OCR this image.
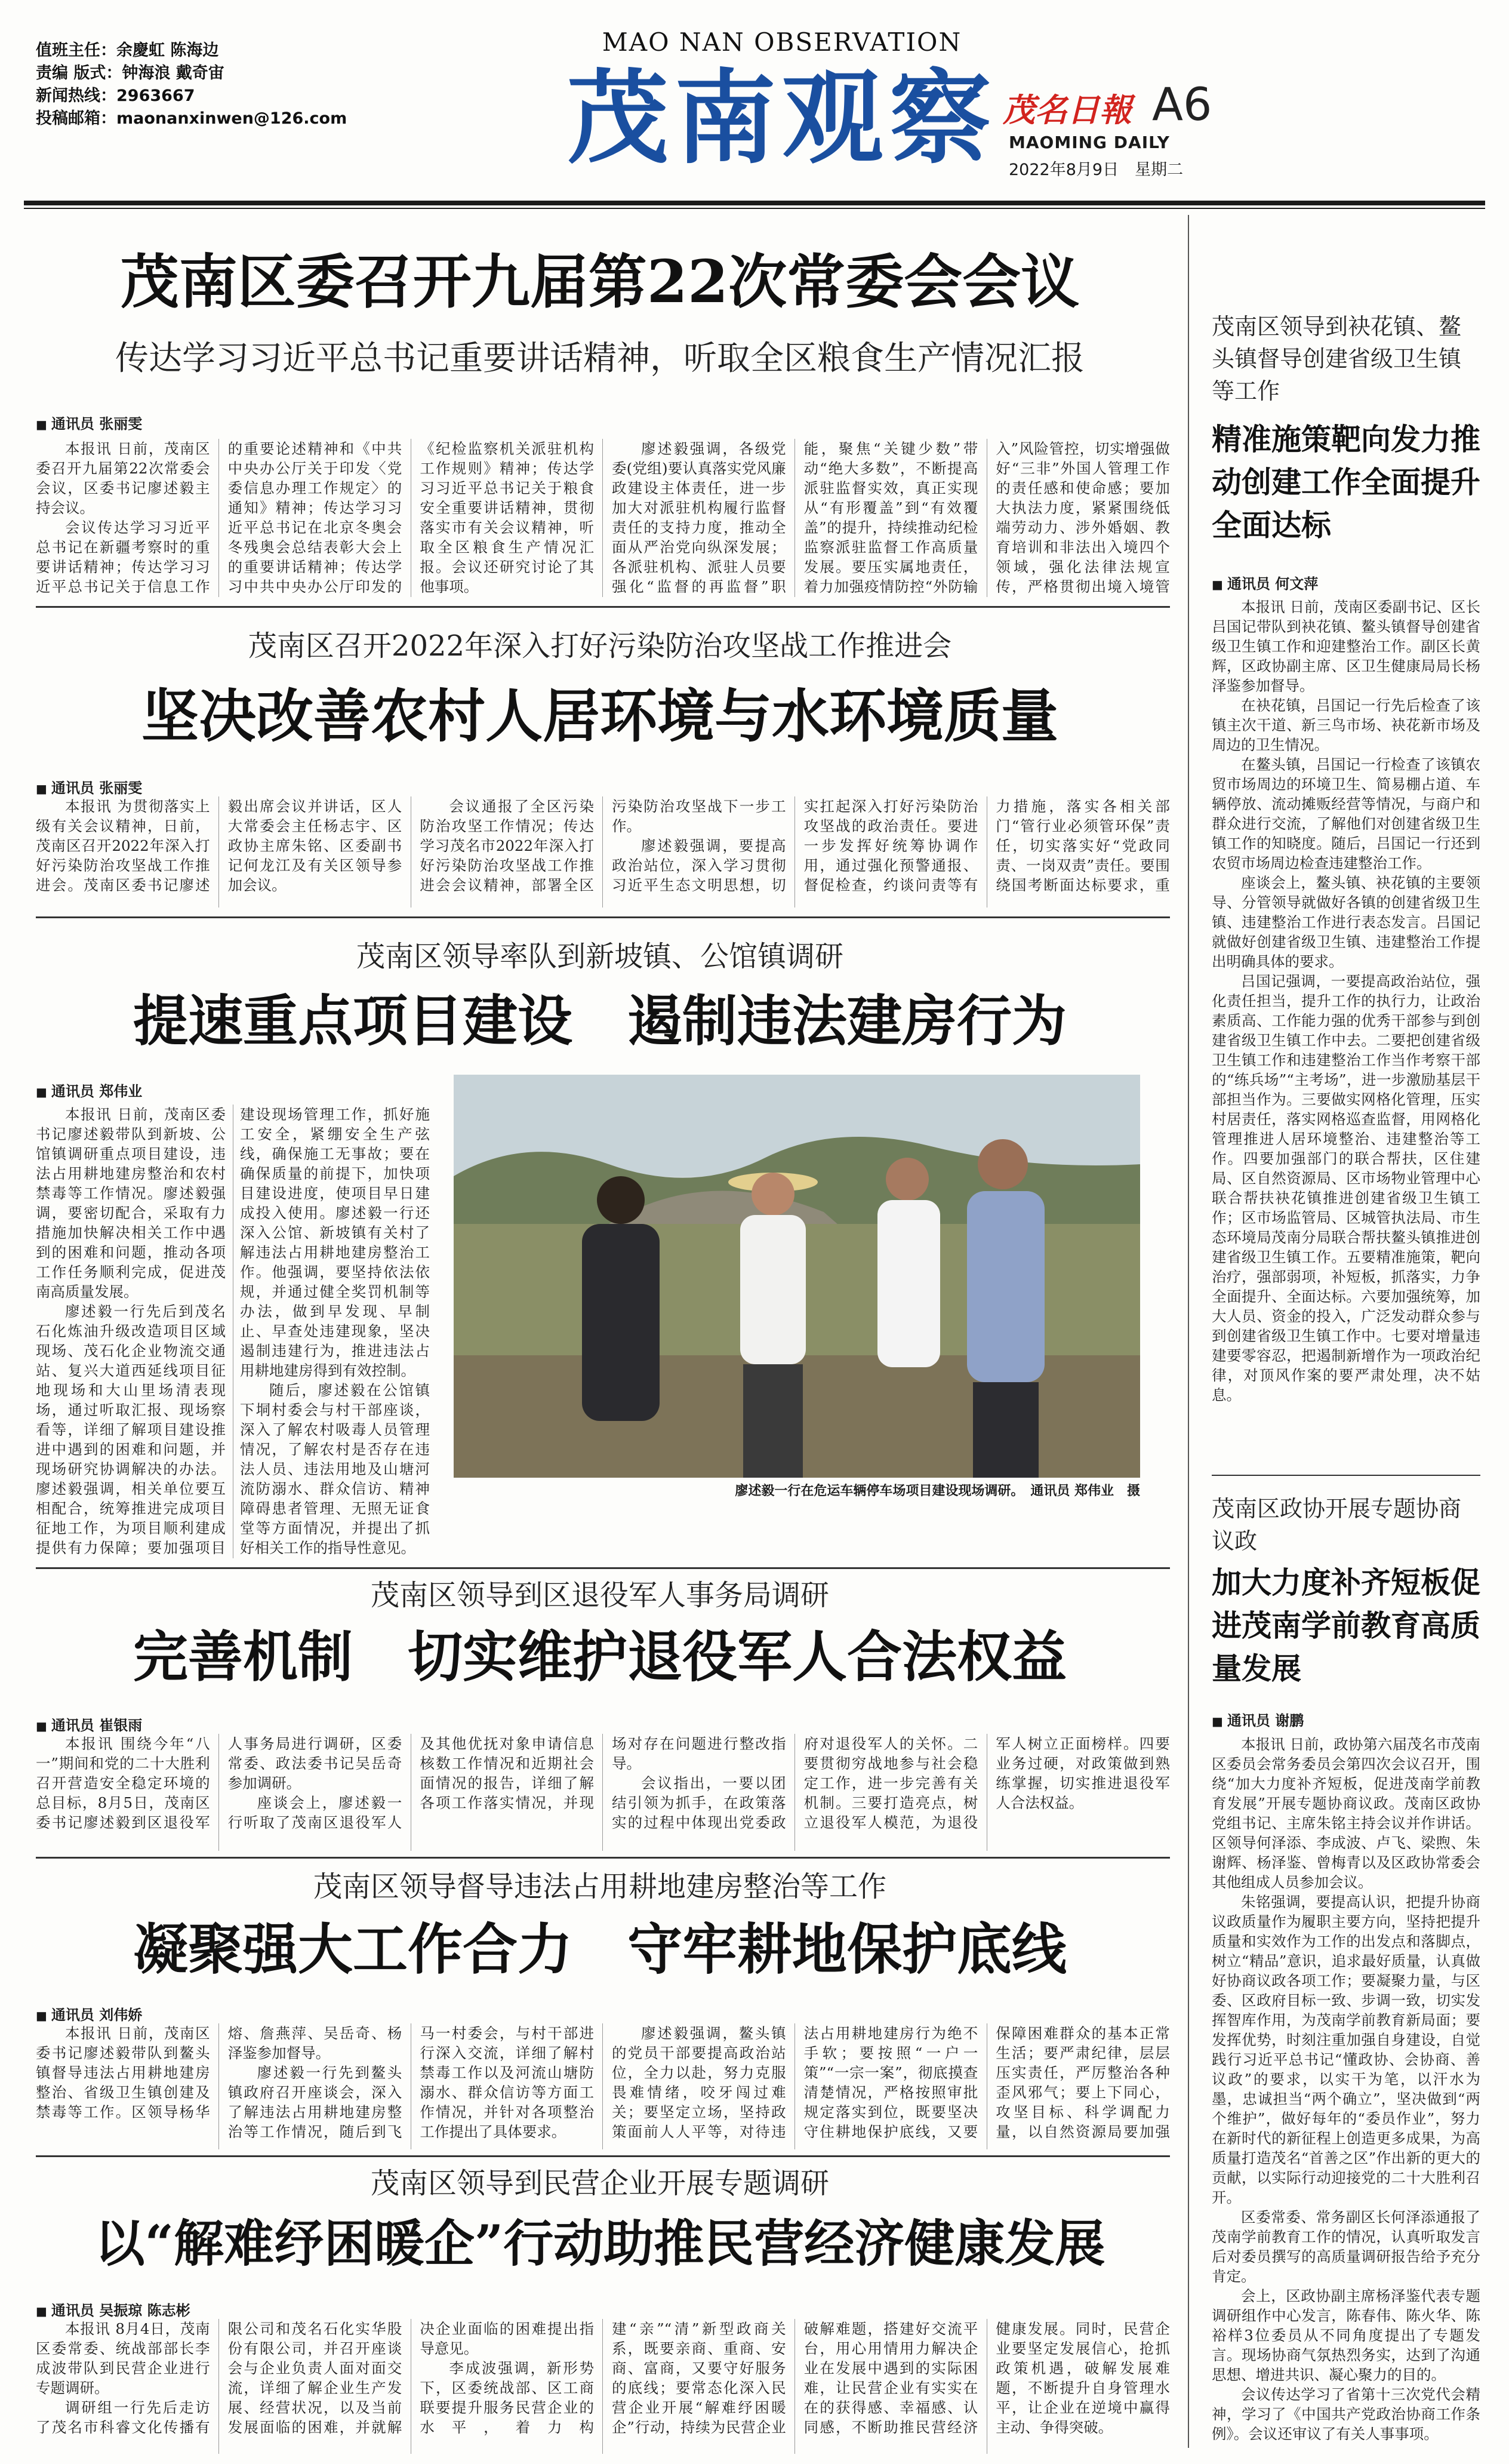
值班主任：余慶虹 陈海边
责编 版式：钟海浪 戴奇宙
新闻热线：2963667
投稿邮箱：maonanxinwen@126.com
MAO NAN OBSERVATION
茂南观察 茂名日報 A6
MAOMING DAILY
2022年8月9日　星期二
茂南区委召开九届第22次常委会会议
传达学习习近平总书记重要讲话精神，听取全区粮食生产情况汇报
■ 通讯员 张丽雯

本报讯 日前，茂南区委召开九届第22次常委会会议，区委书记廖述毅主持会议。

会议传达学习习近平总书记在新疆考察时的重要讲话精神；传达学习习近平总书记关于信息工作的重要论述精神和《中共中央办公厅关于印发〈党委信息办理工作规定〉的通知》精神；传达学习习近平总书记在北京冬奥会冬残奥会总结表彰大会上的重要讲话精神；传达学习中共中央办公厅印发的《纪检监察机关派驻机构工作规则》精神；传达学习习近平总书记关于粮食安全重要讲话精神，贯彻落实市有关会议精神，听取全区粮食生产情况汇报。会议还研究讨论了其他事项。

廖述毅强调，各级党委(党组)要认真落实党风廉政建设主体责任，进一步加大对派驻机构履行监督责任的支持力度，推动全面从严治党向纵深发展；各派驻机构、派驻人员要强化“监督的再监督”职能，聚焦“关键少数”带动“绝大多数”，不断提高派驻监督实效，真正实现从“有形覆盖”到“有效覆盖”的提升，持续推动纪检监察派驻监督工作高质量发展。要压实属地责任，着力加强疫情防控“外防输入”风险管控，切实增强做好“三非”外国人管理工作的责任感和使命感；要加大执法力度，紧紧围绕低端劳动力、涉外婚姻、教育培训和非法出入境四个领域，强化法律法规宣传，严格贯彻出境入境管

茂南区召开2022年深入打好污染防治攻坚战工作推进会
坚决改善农村人居环境与水环境质量
■ 通讯员 张丽雯

本报讯 为贯彻落实上级有关会议精神，日前，茂南区召开2022年深入打好污染防治攻坚战工作推进会。茂南区委书记廖述毅出席会议并讲话，区人大常委会主任杨志宇、区政协主席朱铭、区委副书记何龙江及有关区领导参加会议。

会议通报了全区污染防治攻坚工作情况；传达学习茂名市2022年深入打好污染防治攻坚战工作推进会会议精神，部署全区污染防治攻坚战下一步工作。

廖述毅强调，要提高政治站位，深入学习贯彻习近平生态文明思想，切实扛起深入打好污染防治攻坚战的政治责任。要进一步发挥好统筹协调作用，通过强化预警通报、督促检查，约谈问责等有力措施，落实各相关部门“管行业必须管环保”责任，切实落实好“党政同责、一岗双责”责任。要围绕国考断面达标要求，重

茂南区领导率队到新坡镇、公馆镇调研
提速重点项目建设　遏制违法建房行为
■ 通讯员 郑伟业

本报讯 日前，茂南区委书记廖述毅带队到新坡、公馆镇调研重点项目建设，违法占用耕地建房整治和农村禁毒等工作情况。廖述毅强调，要密切配合，采取有力措施加快解决相关工作中遇到的困难和问题，推动各项工作任务顺利完成，促进茂南高质量发展。

廖述毅一行先后到茂名石化炼油升级改造项目区域现场、茂石化企业物流交通站、复兴大道西延线项目征地现场和大山里场清表现场，通过听取汇报、现场察看等，详细了解项目建设推进中遇到的困难和问题，并现场研究协调解决的办法。廖述毅强调，相关单位要互相配合，统筹推进完成项目征地工作，为项目顺利建成提供有力保障；要加强项目建设现场管理工作，抓好施工安全，紧绷安全生产弦线，确保施工无事故；要在确保质量的前提下，加快项目建设进度，使项目早日建成投入使用。廖述毅一行还深入公馆、新坡镇有关村了解违法占用耕地建房整治工作。他强调，要坚持依法依规，并通过健全奖罚机制等办法，做到早发现、早制止、早查处违建现象，坚决遏制违建行为，推进违法占用耕地建房得到有效控制。

随后，廖述毅在公馆镇下垌村委会与村干部座谈，深入了解农村吸毒人员管理情况，了解农村是否存在违法人员、违法用地及山塘河流防溺水、群众信访、精神障碍患者管理、无照无证食堂等方面情况，并提出了抓好相关工作的指导性意见。

廖述毅一行在危运车辆停车场项目建设现场调研。　通讯员 郑伟业　摄
茂南区领导到区退役军人事务局调研
完善机制　切实维护退役军人合法权益
■ 通讯员 崔银雨

本报讯 围绕今年“八一”期间和党的二十大胜利召开营造安全稳定环境的总目标，8月5日，茂南区委书记廖述毅到区退役军人事务局进行调研，区委常委、政法委书记吴岳奇参加调研。

座谈会上，廖述毅一行听取了茂南区退役军人及其他优抚对象申请信息核数工作情况和近期社会面情况的报告，详细了解各项工作落实情况，并现场对存在问题进行整改指导。

会议指出，一要以团结引领为抓手，在政策落实的过程中体现出党委政府对退役军人的关怀。二要贯彻穷战地参与社会稳定工作，进一步完善有关机制。三要打造亮点，树立退役军人模范，为退役军人树立正面榜样。四要业务过硬，对政策做到熟练掌握，切实推进退役军人合法权益。

茂南区领导督导违法占用耕地建房整治等工作
凝聚强大工作合力　守牢耕地保护底线
■ 通讯员 刘伟娇

本报讯 日前，茂南区委书记廖述毅带队到鳌头镇督导违法占用耕地建房整治、省级卫生镇创建及禁毒等工作。区领导杨华熔、詹燕萍、吴岳奇、杨泽鉴参加督导。

廖述毅一行先到鳌头镇政府召开座谈会，深入了解违法占用耕地建房整治等工作情况，随后到飞马一村委会，与村干部进行深入交流，详细了解村禁毒工作以及河流山塘防溺水、群众信访等方面工作情况，并针对各项整治工作提出了具体要求。

廖述毅强调，鳌头镇的党员干部要提高政治站位，全力以赴，努力克服畏难情绪，咬牙闯过难关；要坚定立场，坚持政策面前人人平等，对待违法占用耕地建房行为绝不手软；要按照“一户一策”“一宗一案”，彻底摸查清楚情况，严格按照审批规定落实到位，既要坚决守住耕地保护底线，又要保障困难群众的基本正常生活；要严肃纪律，层层压实责任，严厉整治各种歪风邪气；要上下同心，攻坚目标、科学调配力量，以自然资源局要加强

茂南区领导到民营企业开展专题调研
以“解难纾困暖企”行动助推民营经济健康发展
■ 通讯员 吴振琼 陈志彬

本报讯 8月4日，茂南区委常委、统战部部长李成波带队到民营企业进行专题调研。

调研组一行先后走访了茂名市科睿文化传播有限公司和茂名石化实华股份有限公司，并召开座谈会与企业负责人面对面交流，详细了解企业生产发展、经营状况，以及当前发展面临的困难，并就解决企业面临的困难提出指导意见。

李成波强调，新形势下，区委统战部、区工商联要提升服务民营企业的水平，着力构建“亲”“清”新型政商关系，既要亲商、重商、安商、富商，又要守好服务的底线；要常态化深入民营企业开展“解难纾困暖企”行动，持续为民营企业破解难题，搭建好交流平台，用心用情用力解决企业在发展中遇到的实际困难，让民营企业有实实在在的获得感、幸福感、认同感，不断助推民营经济健康发展。同时，民营企业要坚定发展信心，抢抓政策机遇，破解发展难题，不断提升自身管理水平，让企业在逆境中赢得主动、争得突破。

茂南区领导到袂花镇、鳌头镇督导创建省级卫生镇等工作
精准施策靶向发力推动创建工作全面提升全面达标
■ 通讯员 何文萍

本报讯 日前，茂南区委副书记、区长吕国记带队到袂花镇、鳌头镇督导创建省级卫生镇工作和迎建整治工作。副区长黄辉，区政协副主席、区卫生健康局局长杨泽鉴参加督导。

在袂花镇，吕国记一行先后检查了该镇主次干道、新三鸟市场、袂花新市场及周边的卫生情况。

在鳌头镇，吕国记一行检查了该镇农贸市场周边的环境卫生、简易棚占道、车辆停放、流动摊贩经营等情况，与商户和群众进行交流，了解他们对创建省级卫生镇工作的知晓度。随后，吕国记一行还到农贸市场周边检查违建整治工作。

座谈会上，鳌头镇、袂花镇的主要领导、分管领导就做好各镇的创建省级卫生镇、违建整治工作进行表态发言。吕国记就做好创建省级卫生镇、违建整治工作提出明确具体的要求。

吕国记强调，一要提高政治站位，强化责任担当，提升工作的执行力，让政治素质高、工作能力强的优秀干部参与到创建省级卫生镇工作中去。二要把创建省级卫生镇工作和违建整治工作当作考察干部的“练兵场”“主考场”，进一步激励基层干部担当作为。三要做实网格化管理，压实村居责任，落实网格巡查监督，用网格化管理推进人居环境整治、违建整治等工作。四要加强部门的联合帮扶，区住建局、区自然资源局、区市场物业管理中心联合帮扶袂花镇推进创建省级卫生镇工作；区市场监管局、区城管执法局、市生态环境局茂南分局联合帮扶鳌头镇推进创建省级卫生镇工作。五要精准施策，靶向治疗，强部弱项，补短板，抓落实，力争全面提升、全面达标。六要加强统筹，加大人员、资金的投入，广泛发动群众参与到创建省级卫生镇工作中。七要对增量违建要零容忍，把遏制新增作为一项政治纪律，对顶风作案的要严肃处理，决不姑息。

茂南区政协开展专题协商议政
加大力度补齐短板促进茂南学前教育高质量发展
■ 通讯员 谢鹏

本报讯 日前，政协第六届茂名市茂南区委员会常务委员会第四次会议召开，围绕“加大力度补齐短板，促进茂南学前教育发展”开展专题协商议政。茂南区政协党组书记、主席朱铭主持会议并作讲话。区领导何泽添、李成波、卢飞、梁煦、朱谢辉、杨泽鉴、曾梅青以及区政协常委会其他组成人员参加会议。

朱铭强调，要提高认识，把提升协商议政质量作为履职主要方向，坚持把提升质量和实效作为工作的出发点和落脚点，树立“精品”意识，追求最好质量，认真做好协商议政各项工作；要凝聚力量，与区委、区政府目标一致、步调一致，切实发挥智库作用，为茂南学前教育新局面；要发挥优势，时刻注重加强自身建设，自觉践行习近平总书记“懂政协、会协商、善议政”的要求，以实干为笔，以汗水为墨，忠诚担当“两个确立”，坚决做到“两个维护”，做好每年的“委员作业”，努力在新时代的新征程上创造更多成果，为高质量打造茂名“首善之区”作出新的更大的贡献，以实际行动迎接党的二十大胜利召开。

区委常委、常务副区长何泽添通报了茂南学前教育工作的情况，认真听取发言后对委员撰写的高质量调研报告给予充分肯定。

会上，区政协副主席杨泽鉴代表专题调研组作中心发言，陈春伟、陈火华、陈裕样3位委员从不同角度提出了专题发言。现场协商气氛热烈务实，达到了沟通思想、增进共识、凝心聚力的目的。

会议传达学习了省第十三次党代会精神，学习了《中国共产党政治协商工作条例》。会议还审议了有关人事事项。
